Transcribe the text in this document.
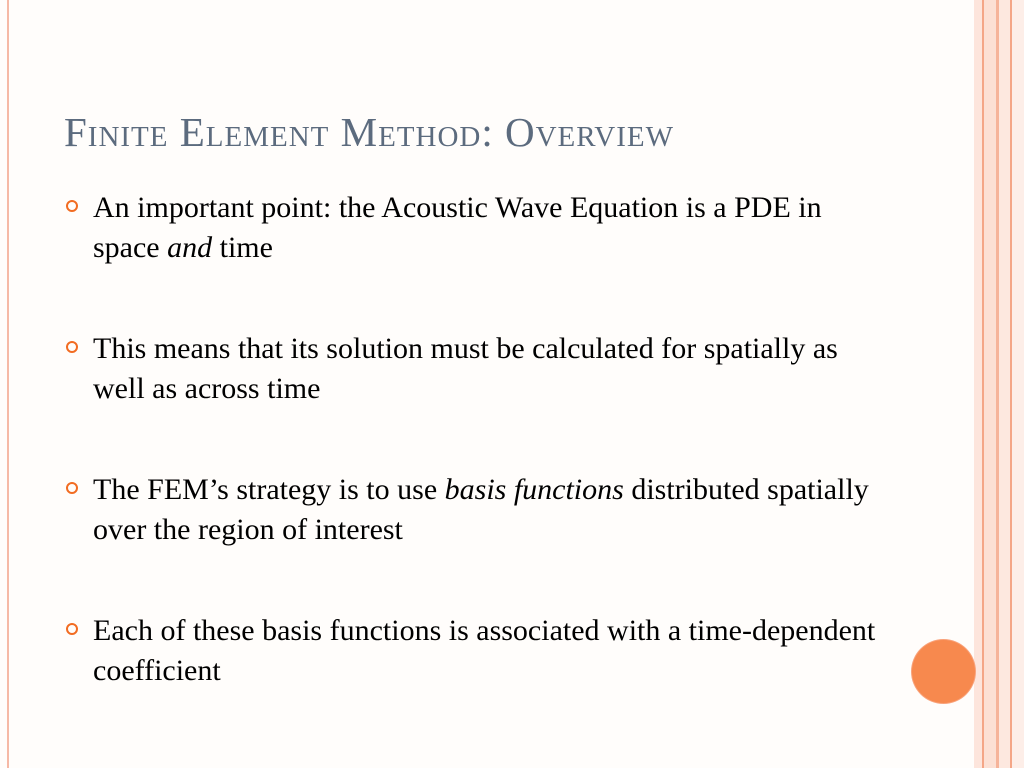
Finite Element Method: Overview
An important point: the Acoustic Wave Equation is a PDE in space and time
This means that its solution must be calculated for spatially as well as across time
The FEM’s strategy is to use basis functions distributed spatially over the region of interest
Each of these basis functions is associated with a time-dependent coefficient
